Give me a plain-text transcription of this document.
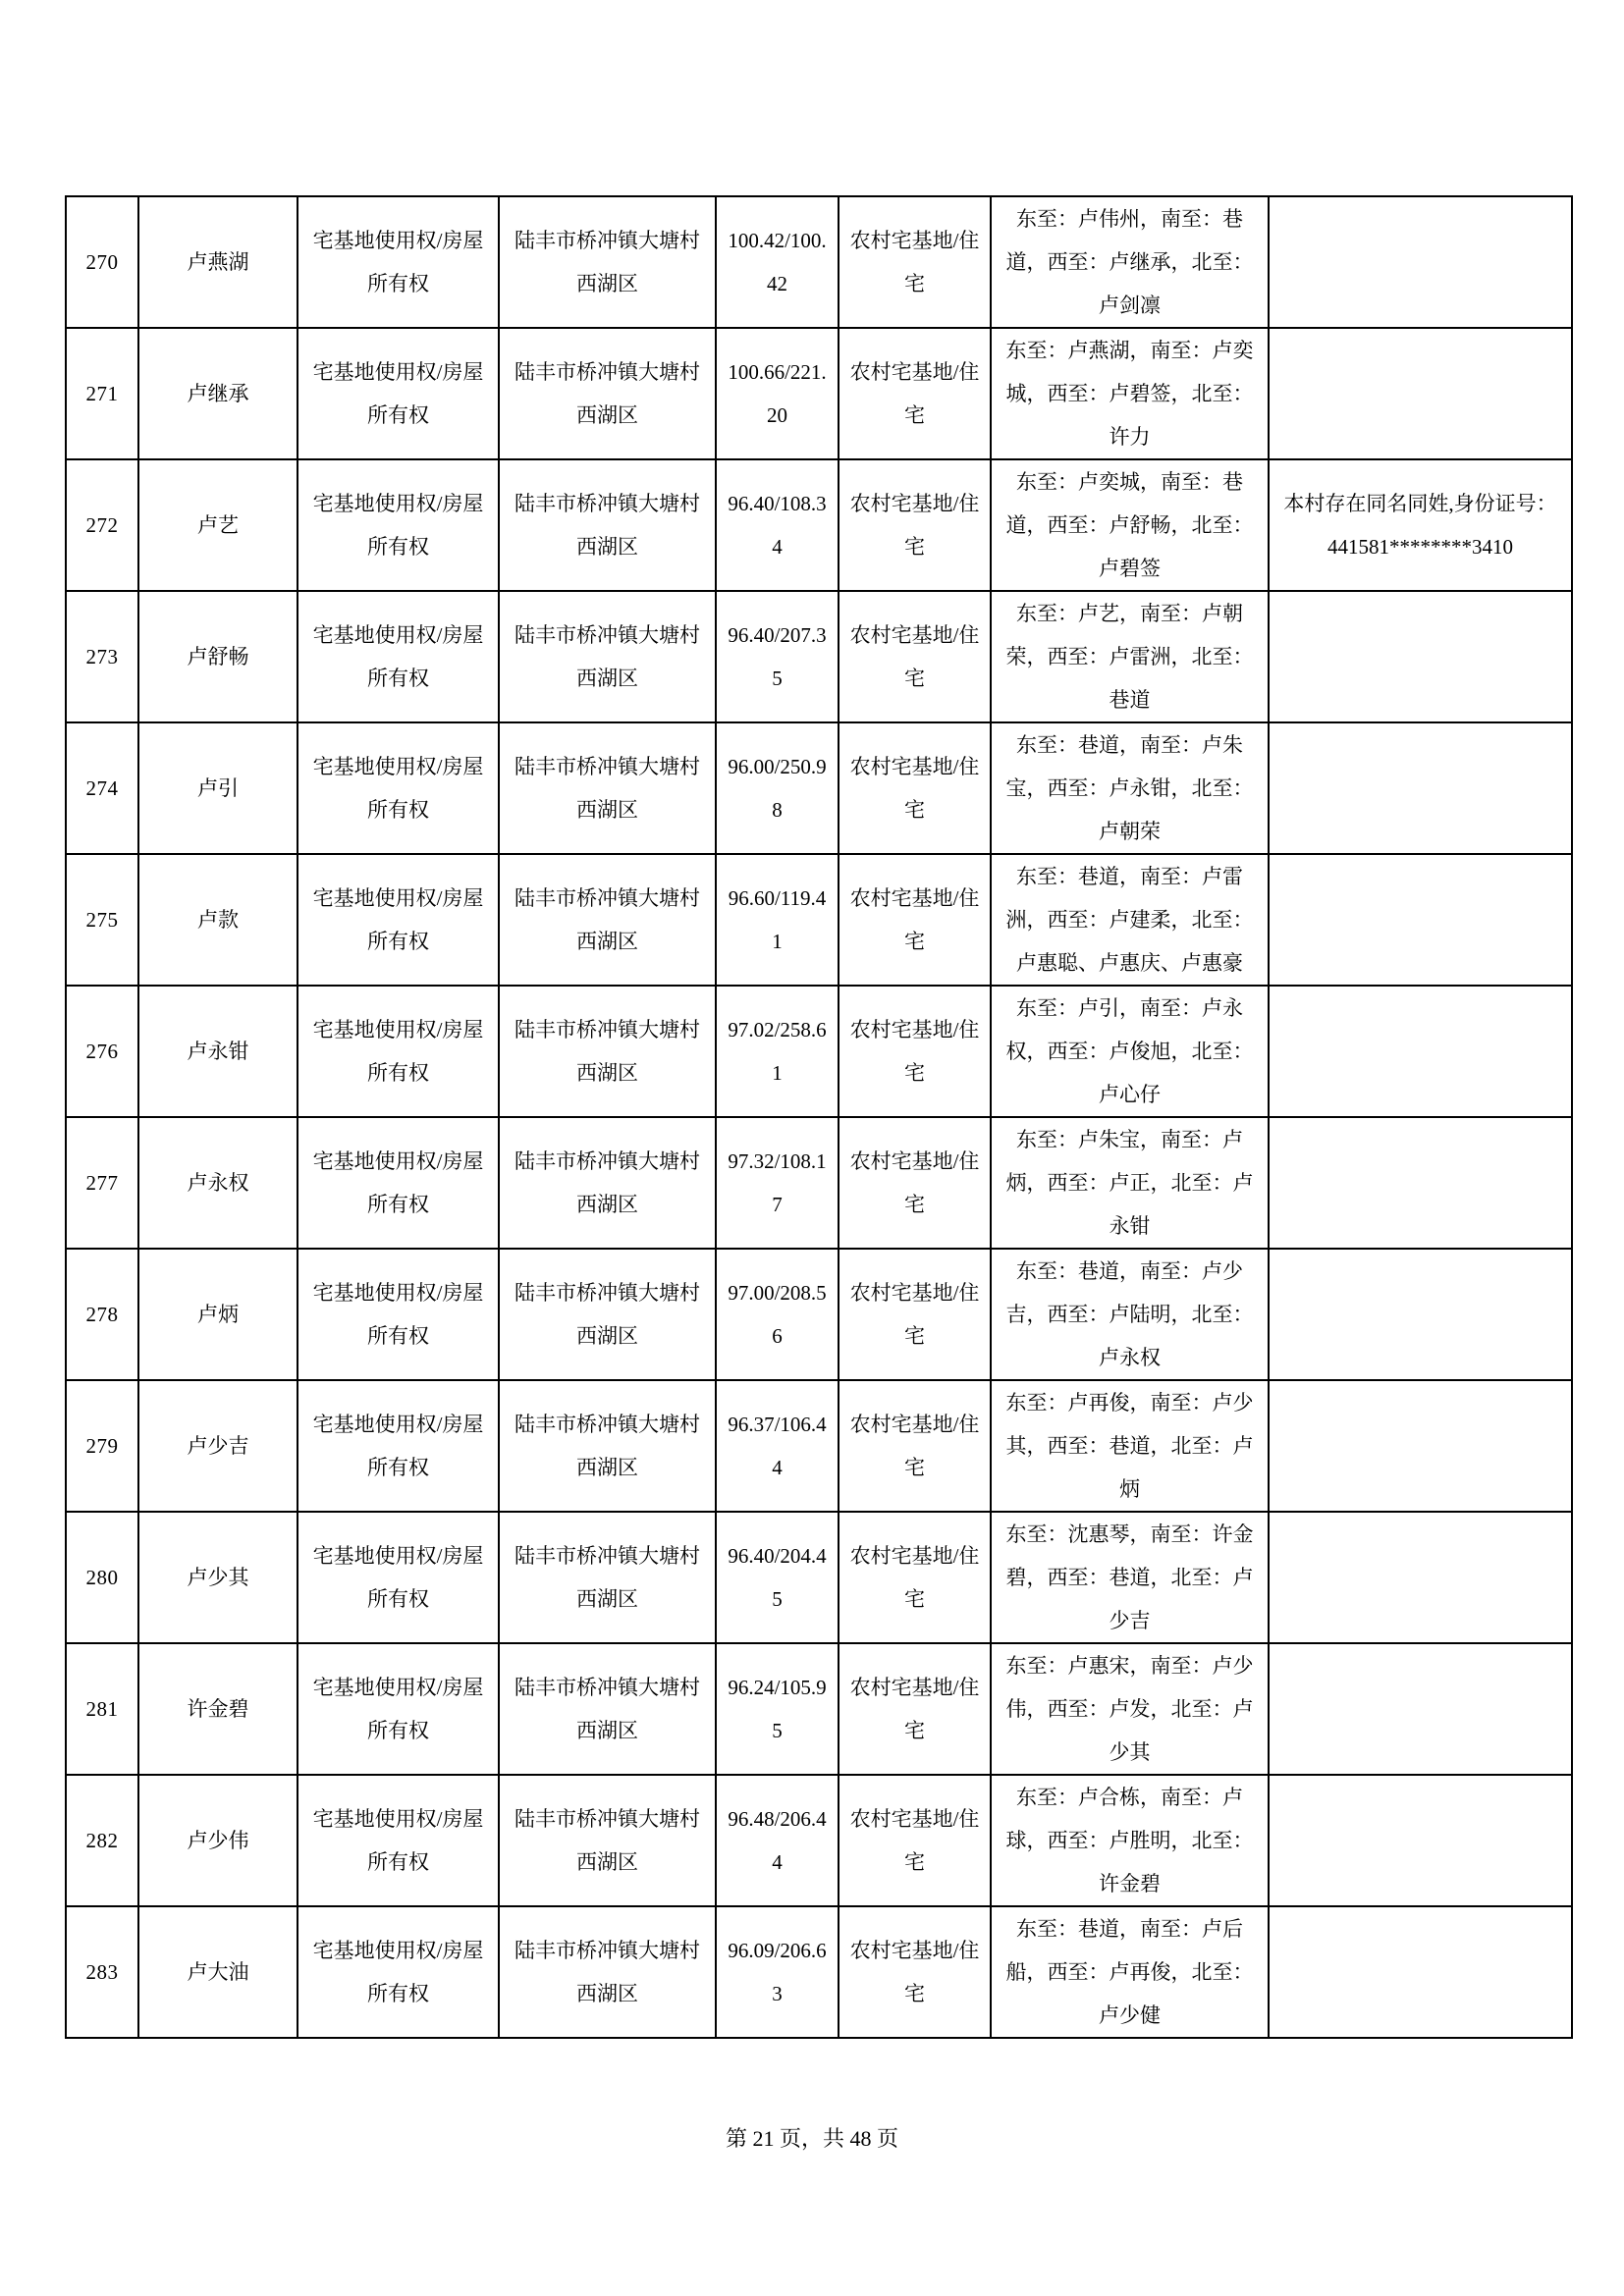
270	卢燕湖	宅基地使用权/房屋所有权	陆丰市桥冲镇大塘村西湖区	100.42/100.42	农村宅基地/住宅	东至：卢伟州，南至：巷道，西至：卢继承，北至：卢剑凛	
271	卢继承	宅基地使用权/房屋所有权	陆丰市桥冲镇大塘村西湖区	100.66/221.20	农村宅基地/住宅	东至：卢燕湖，南至：卢奕城，西至：卢碧签，北至：许力	
272	卢艺	宅基地使用权/房屋所有权	陆丰市桥冲镇大塘村西湖区	96.40/108.34	农村宅基地/住宅	东至：卢奕城，南至：巷道，西至：卢舒畅，北至：卢碧签	本村存在同名同姓,身份证号：441581********3410
273	卢舒畅	宅基地使用权/房屋所有权	陆丰市桥冲镇大塘村西湖区	96.40/207.35	农村宅基地/住宅	东至：卢艺，南至：卢朝荣，西至：卢雷洲，北至：巷道	
274	卢引	宅基地使用权/房屋所有权	陆丰市桥冲镇大塘村西湖区	96.00/250.98	农村宅基地/住宅	东至：巷道，南至：卢朱宝，西至：卢永钳，北至：卢朝荣	
275	卢款	宅基地使用权/房屋所有权	陆丰市桥冲镇大塘村西湖区	96.60/119.41	农村宅基地/住宅	东至：巷道，南至：卢雷洲，西至：卢建柔，北至：卢惠聪、卢惠庆、卢惠豪	
276	卢永钳	宅基地使用权/房屋所有权	陆丰市桥冲镇大塘村西湖区	97.02/258.61	农村宅基地/住宅	东至：卢引，南至：卢永权，西至：卢俊旭，北至：卢心仔	
277	卢永权	宅基地使用权/房屋所有权	陆丰市桥冲镇大塘村西湖区	97.32/108.17	农村宅基地/住宅	东至：卢朱宝，南至：卢炳，西至：卢正，北至：卢永钳	
278	卢炳	宅基地使用权/房屋所有权	陆丰市桥冲镇大塘村西湖区	97.00/208.56	农村宅基地/住宅	东至：巷道，南至：卢少吉，西至：卢陆明，北至：卢永权	
279	卢少吉	宅基地使用权/房屋所有权	陆丰市桥冲镇大塘村西湖区	96.37/106.44	农村宅基地/住宅	东至：卢再俊，南至：卢少其，西至：巷道，北至：卢炳	
280	卢少其	宅基地使用权/房屋所有权	陆丰市桥冲镇大塘村西湖区	96.40/204.45	农村宅基地/住宅	东至：沈惠琴，南至：许金碧，西至：巷道，北至：卢少吉	
281	许金碧	宅基地使用权/房屋所有权	陆丰市桥冲镇大塘村西湖区	96.24/105.95	农村宅基地/住宅	东至：卢惠宋，南至：卢少伟，西至：卢发，北至：卢少其	
282	卢少伟	宅基地使用权/房屋所有权	陆丰市桥冲镇大塘村西湖区	96.48/206.44	农村宅基地/住宅	东至：卢合栋，南至：卢球，西至：卢胜明，北至：许金碧	
283	卢大油	宅基地使用权/房屋所有权	陆丰市桥冲镇大塘村西湖区	96.09/206.63	农村宅基地/住宅	东至：巷道，南至：卢后船，西至：卢再俊，北至：卢少健	
第 21 页，共 48 页
